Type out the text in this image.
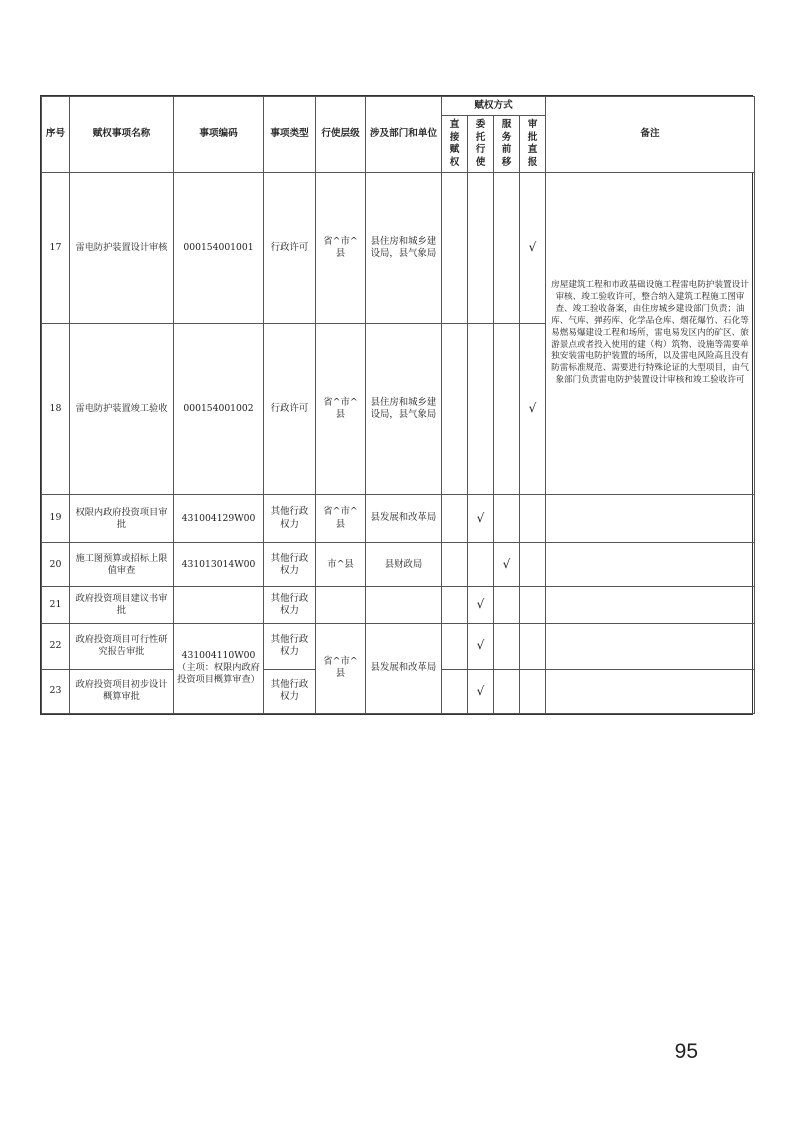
序号	赋权事项名称	事项编码	事项类型	行使层级	涉及部门和单位	赋权方式				备注
						直接赋权	委托行使	服务前移	审批直报	
17	雷电防护装置设计审核	000154001001	行政许可	省^市^县	县住房和城乡建设局，县气象局				√	房屋建筑工程和市政基础设施工程雷电防护装置设计审核、竣工验收许可，整合纳入建筑工程施工图审查、竣工验收备案，由住房城乡建设部门负责；油库、气库、弹药库、化学品仓库、烟花爆竹、石化等易燃易爆建设工程和场所，雷电易发区内的矿区、旅游景点或者投入使用的建（构）筑物、设施等需要单独安装雷电防护装置的场所，以及雷电风险高且没有防雷标准规范、需要进行特殊论证的大型项目，由气象部门负责雷电防护装置设计审核和竣工验收许可
18	雷电防护装置竣工验收	000154001002	行政许可	省^市^县	县住房和城乡建设局，县气象局				√	
19	权限内政府投资项目审批	431004129W00	其他行政权力	省^市^县	县发展和改革局		√			
20	施工图预算或招标上限值审查	431013014W00	其他行政权力	市^县	县财政局			√		
21	政府投资项目建议书审批		其他行政权力				√			
22	政府投资项目可行性研究报告审批	431004110W00（主项：权限内政府投资项目概算审查）	其他行政权力	省^市^县	县发展和改革局		√			
23	政府投资项目初步设计概算审批		其他行政权力				√			
95
